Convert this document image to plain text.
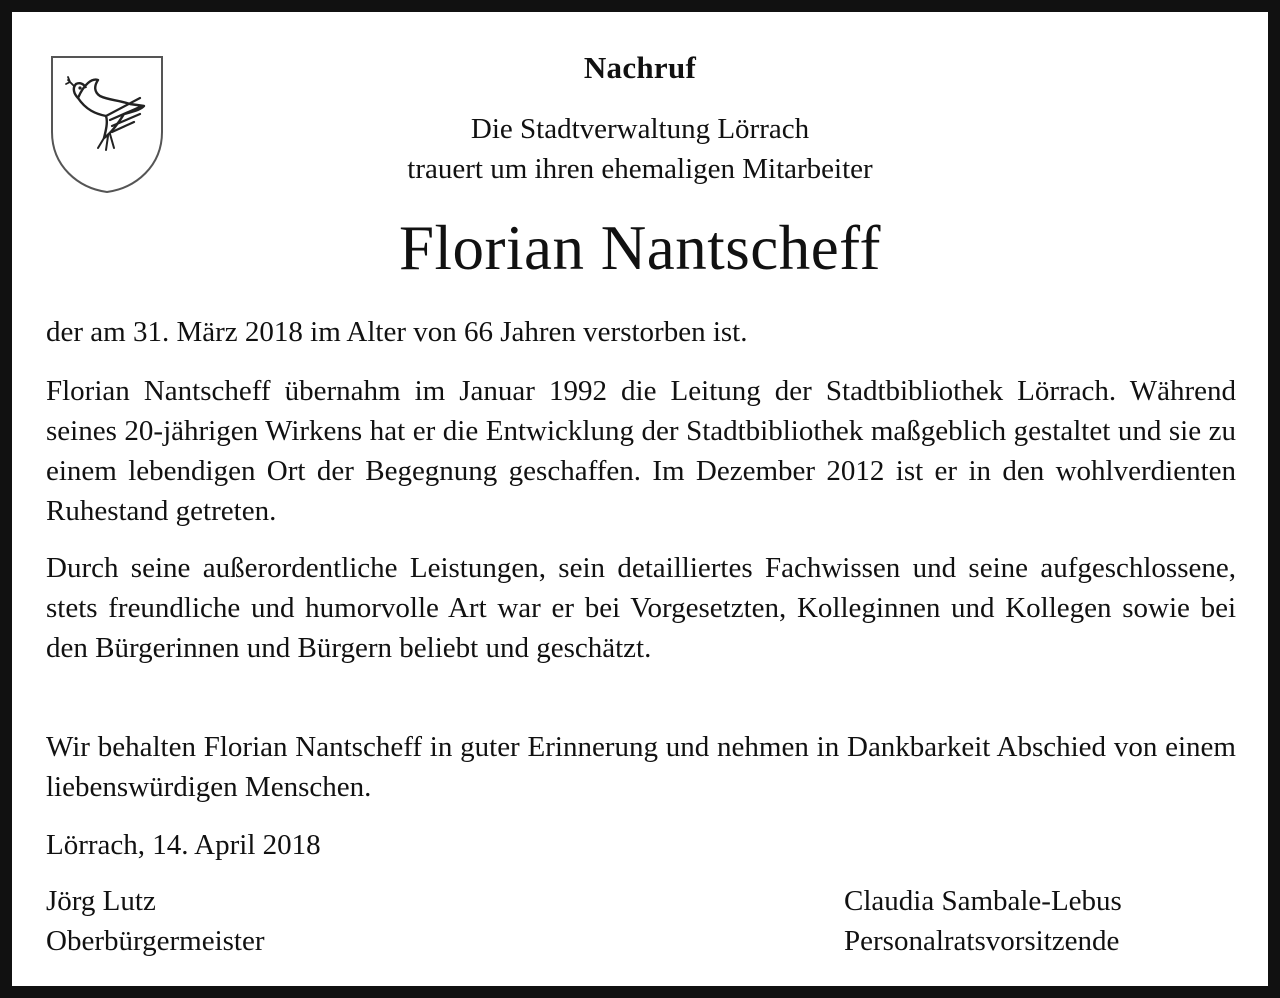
Nachruf
Die Stadtverwaltung Lörrach
trauert um ihren ehemaligen Mitarbeiter
Florian Nantscheff

der am 31. März 2018 im Alter von 66 Jahren verstorben ist.

Florian Nantscheff übernahm im Januar 1992 die Leitung der Stadtbibliothek Lörrach. Während seines 20-jährigen Wirkens hat er die Entwicklung der Stadtbibliothek maßgeblich gestaltet und sie zu einem lebendigen Ort der Begegnung geschaffen. Im Dezember 2012 ist er in den wohlverdienten Ruhestand getreten.

Durch seine außerordentliche Leistungen, sein detailliertes Fachwissen und seine aufgeschlossene, stets freundliche und humorvolle Art war er bei Vorgesetzten, Kolleginnen und Kollegen sowie bei den Bürgerinnen und Bürgern beliebt und geschätzt.

Wir behalten Florian Nantscheff in guter Erinnerung und nehmen in Dankbarkeit Abschied von einem liebenswürdigen Menschen.

Lörrach, 14. April 2018

Jörg Lutz
Oberbürgermeister
Claudia Sambale-Lebus
Personalratsvorsitzende
